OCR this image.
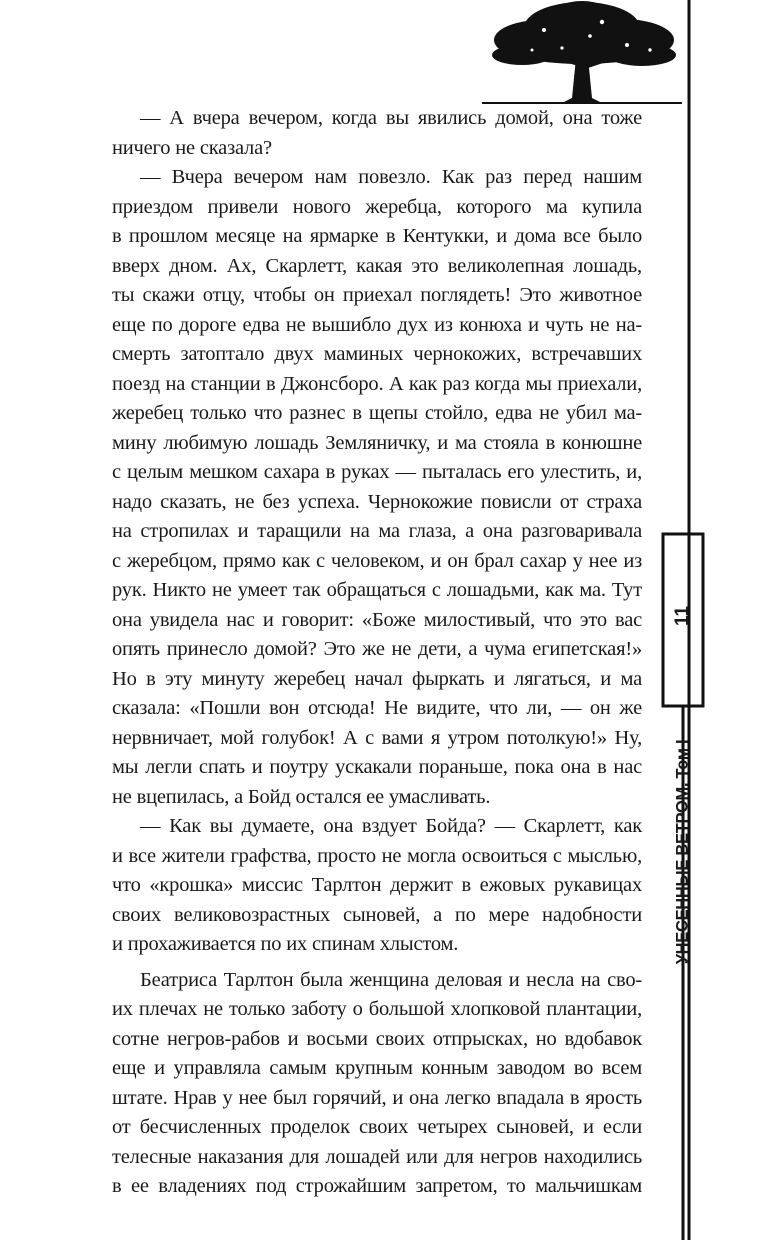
11
УНЕСЕННЫЕ ВЕТРОМ. Том I
— А вчера вечером, когда вы явились домой, она тоже
ничего не сказала?
— Вчера вечером нам повезло. Как раз перед нашим
приездом привели нового жеребца, которого ма купила
в прошлом месяце на ярмарке в Кентукки, и дома все было
вверх дном. Ах, Скарлетт, какая это великолепная лошадь,
ты скажи отцу, чтобы он приехал поглядеть! Это животное
еще по дороге едва не вышибло дух из конюха и чуть не на-
смерть затоптало двух маминых чернокожих, встречавших
поезд на станции в Джонсборо. А как раз когда мы приехали,
жеребец только что разнес в щепы стойло, едва не убил ма-
мину любимую лошадь Земляничку, и ма стояла в конюшне
с целым мешком сахара в руках — пыталась его улестить, и,
надо сказать, не без успеха. Чернокожие повисли от страха
на стропилах и таращили на ма глаза, а она разговаривала
с жеребцом, прямо как с человеком, и он брал сахар у нее из
рук. Никто не умеет так обращаться с лошадьми, как ма. Тут
она увидела нас и говорит: «Боже милостивый, что это вас
опять принесло домой? Это же не дети, а чума египетская!»
Но в эту минуту жеребец начал фыркать и лягаться, и ма
сказала: «Пошли вон отсюда! Не видите, что ли, — он же
нервничает, мой голубок! А с вами я утром потолкую!» Ну,
мы легли спать и поутру ускакали пораньше, пока она в нас
не вцепилась, а Бойд остался ее умасливать.
— Как вы думаете, она вздует Бойда? — Скарлетт, как
и все жители графства, просто не могла освоиться с мыслью,
что «крошка» миссис Тарлтон держит в ежовых рукавицах
своих великовозрастных сыновей, а по мере надобности
и прохаживается по их спинам хлыстом.
Беатриса Тарлтон была женщина деловая и несла на сво-
их плечах не только заботу о большой хлопковой плантации,
сотне негров-рабов и восьми своих отпрысках, но вдобавок
еще и управляла самым крупным конным заводом во всем
штате. Нрав у нее был горячий, и она легко впадала в ярость
от бесчисленных проделок своих четырех сыновей, и если
телесные наказания для лошадей или для негров находились
в ее владениях под строжайшим запретом, то мальчишкам
